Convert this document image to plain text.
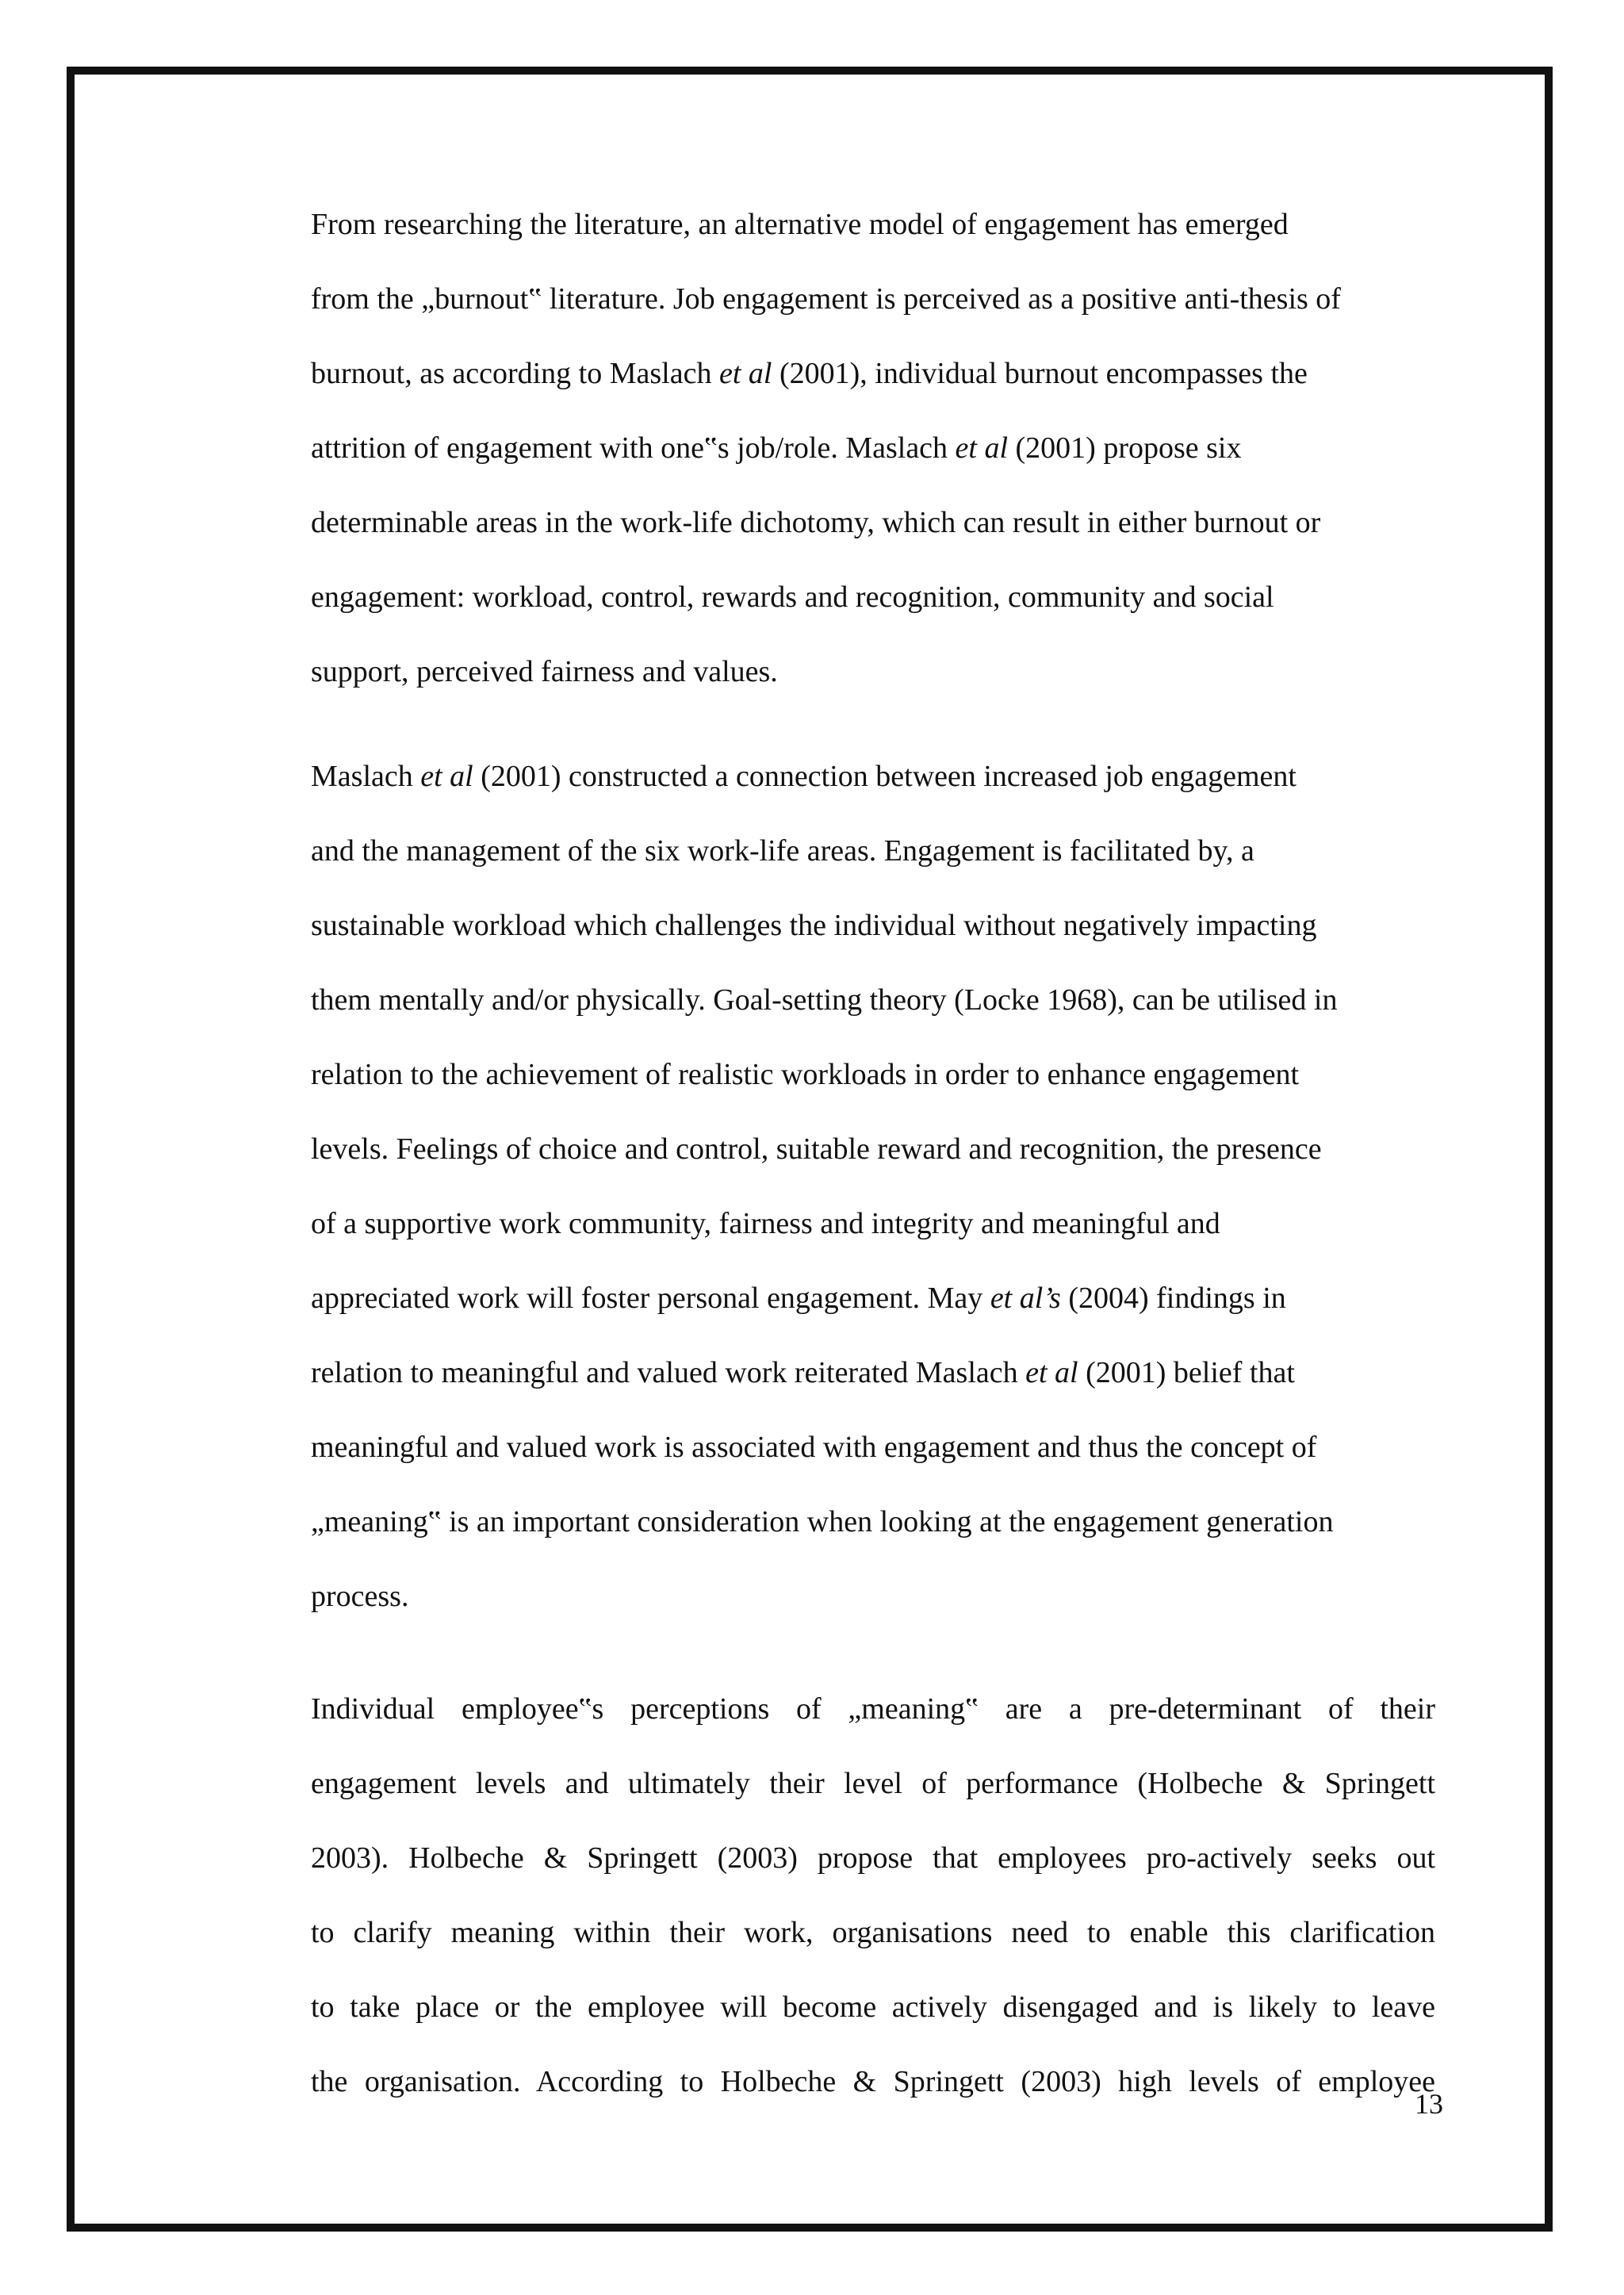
From researching the literature, an alternative model of engagement has emerged
from the „burnout‟ literature. Job engagement is perceived as a positive anti-thesis of
burnout, as according to Maslach et al (2001), individual burnout encompasses the
attrition of engagement with one‟s job/role. Maslach et al (2001) propose six
determinable areas in the work-life dichotomy, which can result in either burnout or
engagement: workload, control, rewards and recognition, community and social
support, perceived fairness and values.
Maslach et al (2001) constructed a connection between increased job engagement
and the management of the six work-life areas. Engagement is facilitated by, a
sustainable workload which challenges the individual without negatively impacting
them mentally and/or physically. Goal-setting theory (Locke 1968), can be utilised in
relation to the achievement of realistic workloads in order to enhance engagement
levels. Feelings of choice and control, suitable reward and recognition, the presence
of a supportive work community, fairness and integrity and meaningful and
appreciated work will foster personal engagement. May et al’s (2004) findings in
relation to meaningful and valued work reiterated Maslach et al (2001) belief that
meaningful and valued work is associated with engagement and thus the concept of
„meaning‟ is an important consideration when looking at the engagement generation
process.
Individual employee‟s perceptions of „meaning‟ are a pre-determinant of their
engagement levels and ultimately their level of performance (Holbeche & Springett
2003). Holbeche & Springett (2003) propose that employees pro-actively seeks out
to clarify meaning within their work, organisations need to enable this clarification
to take place or the employee will become actively disengaged and is likely to leave
the organisation. According to Holbeche & Springett (2003) high levels of employee

13
